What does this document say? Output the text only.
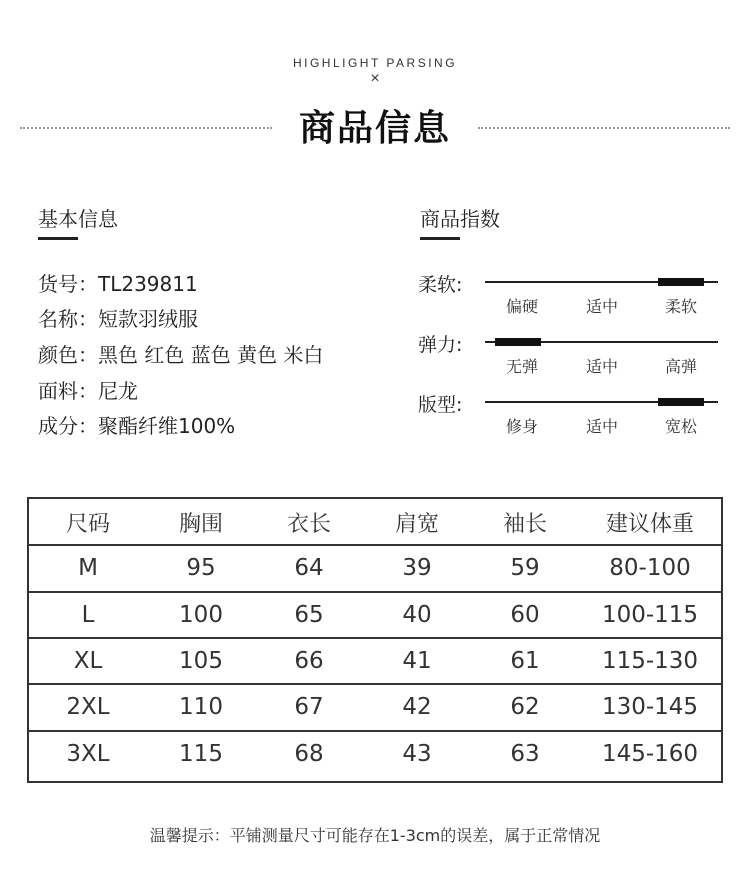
HIGHLIGHT PARSING
×
商品信息
基本信息
货号：TL239811
名称：短款羽绒服
颜色：黑色 红色 蓝色 黄色 米白
面料：尼龙
成分：聚酯纤维100%
商品指数
柔软:
偏硬	适中	柔软
弹力:
无弹	适中	高弹
版型:
修身	适中	宽松
尺码	胸围	衣长	肩宽	袖长	建议体重
M	95	64	39	59	80-100
L	100	65	40	60	100-115
XL	105	66	41	61	115-130
2XL	110	67	42	62	130-145
3XL	115	68	43	63	145-160
温馨提示：平铺测量尺寸可能存在1-3cm的误差，属于正常情况
